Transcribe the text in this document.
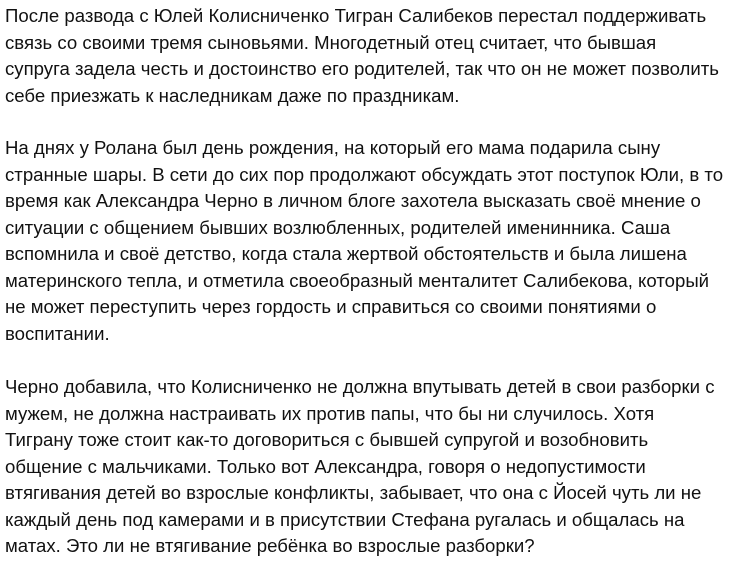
После развода с Юлей Колисниченко Тигран Салибеков перестал поддерживать
связь со своими тремя сыновьями. Многодетный отец считает, что бывшая
супруга задела честь и достоинство его родителей, так что он не может позволить
себе приезжать к наследникам даже по праздникам.

На днях у Ролана был день рождения, на который его мама подарила сыну
странные шары. В сети до сих пор продолжают обсуждать этот поступок Юли, в то
время как Александра Черно в личном блоге захотела высказать своё мнение о
ситуации с общением бывших возлюбленных, родителей именинника. Саша
вспомнила и своё детство, когда стала жертвой обстоятельств и была лишена
материнского тепла, и отметила своеобразный менталитет Салибекова, который
не может переступить через гордость и справиться со своими понятиями о
воспитании.

Черно добавила, что Колисниченко не должна впутывать детей в свои разборки с
мужем, не должна настраивать их против папы, что бы ни случилось. Хотя
Тиграну тоже стоит как-то договориться с бывшей супругой и возобновить
общение с мальчиками. Только вот Александра, говоря о недопустимости
втягивания детей во взрослые конфликты, забывает, что она с Йосей чуть ли не
каждый день под камерами и в присутствии Стефана ругалась и общалась на
матах. Это ли не втягивание ребёнка во взрослые разборки?
